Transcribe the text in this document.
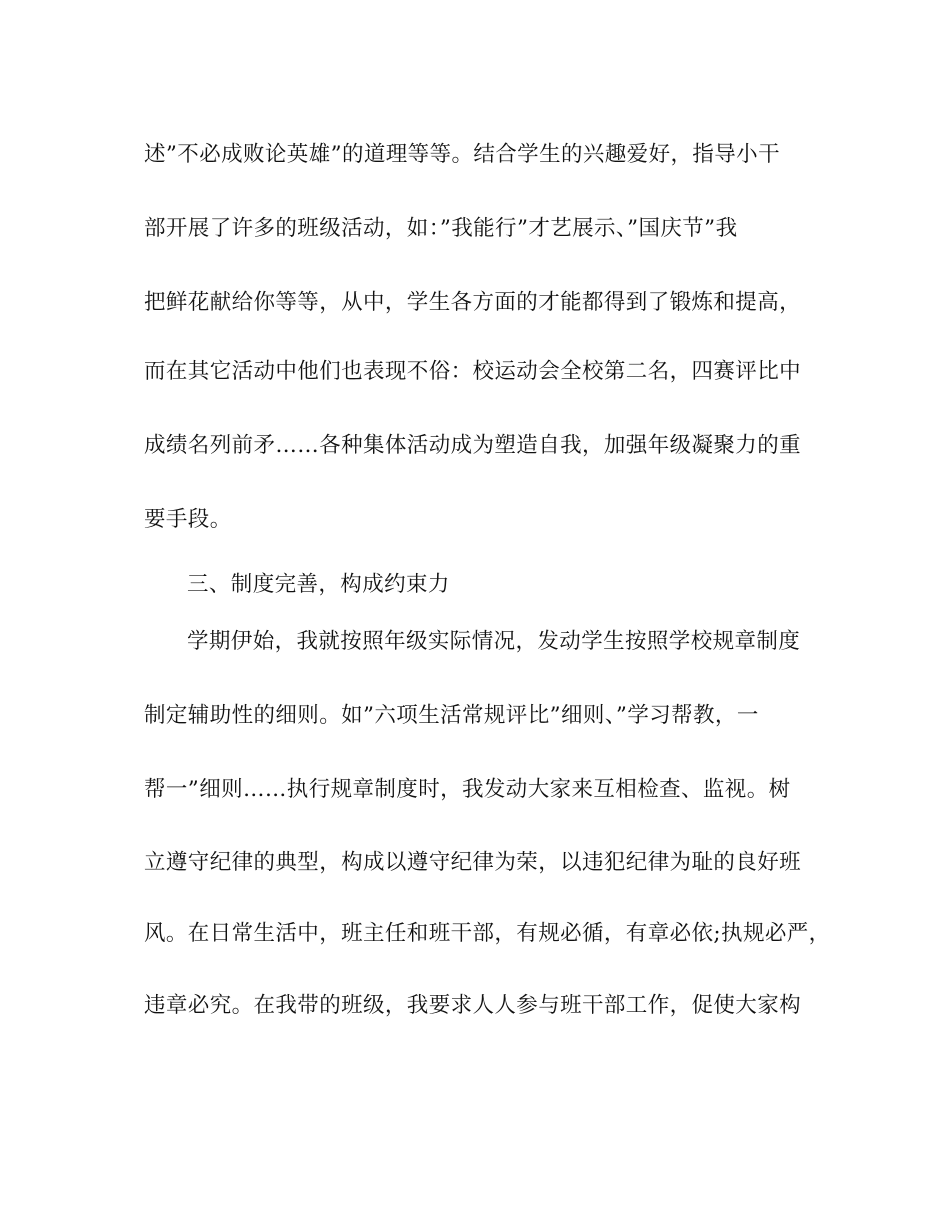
述”不必成败论英雄”的道理等等。结合学生的兴趣爱好，指导小干
部开展了许多的班级活动，如：”我能行”才艺展示、”国庆节”我
把鲜花献给你等等，从中，学生各方面的才能都得到了锻炼和提高，
而在其它活动中他们也表现不俗：校运动会全校第二名，四赛评比中
成绩名列前矛……各种集体活动成为塑造自我，加强年级凝聚力的重
要手段。
三、制度完善，构成约束力
学期伊始，我就按照年级实际情况，发动学生按照学校规章制度
制定辅助性的细则。如”六项生活常规评比”细则、”学习帮教，一
帮一”细则……执行规章制度时，我发动大家来互相检查、监视。树
立遵守纪律的典型，构成以遵守纪律为荣，以违犯纪律为耻的良好班
风。在日常生活中，班主任和班干部，有规必循，有章必依;执规必严，
违章必究。在我带的班级，我要求人人参与班干部工作，促使大家构
